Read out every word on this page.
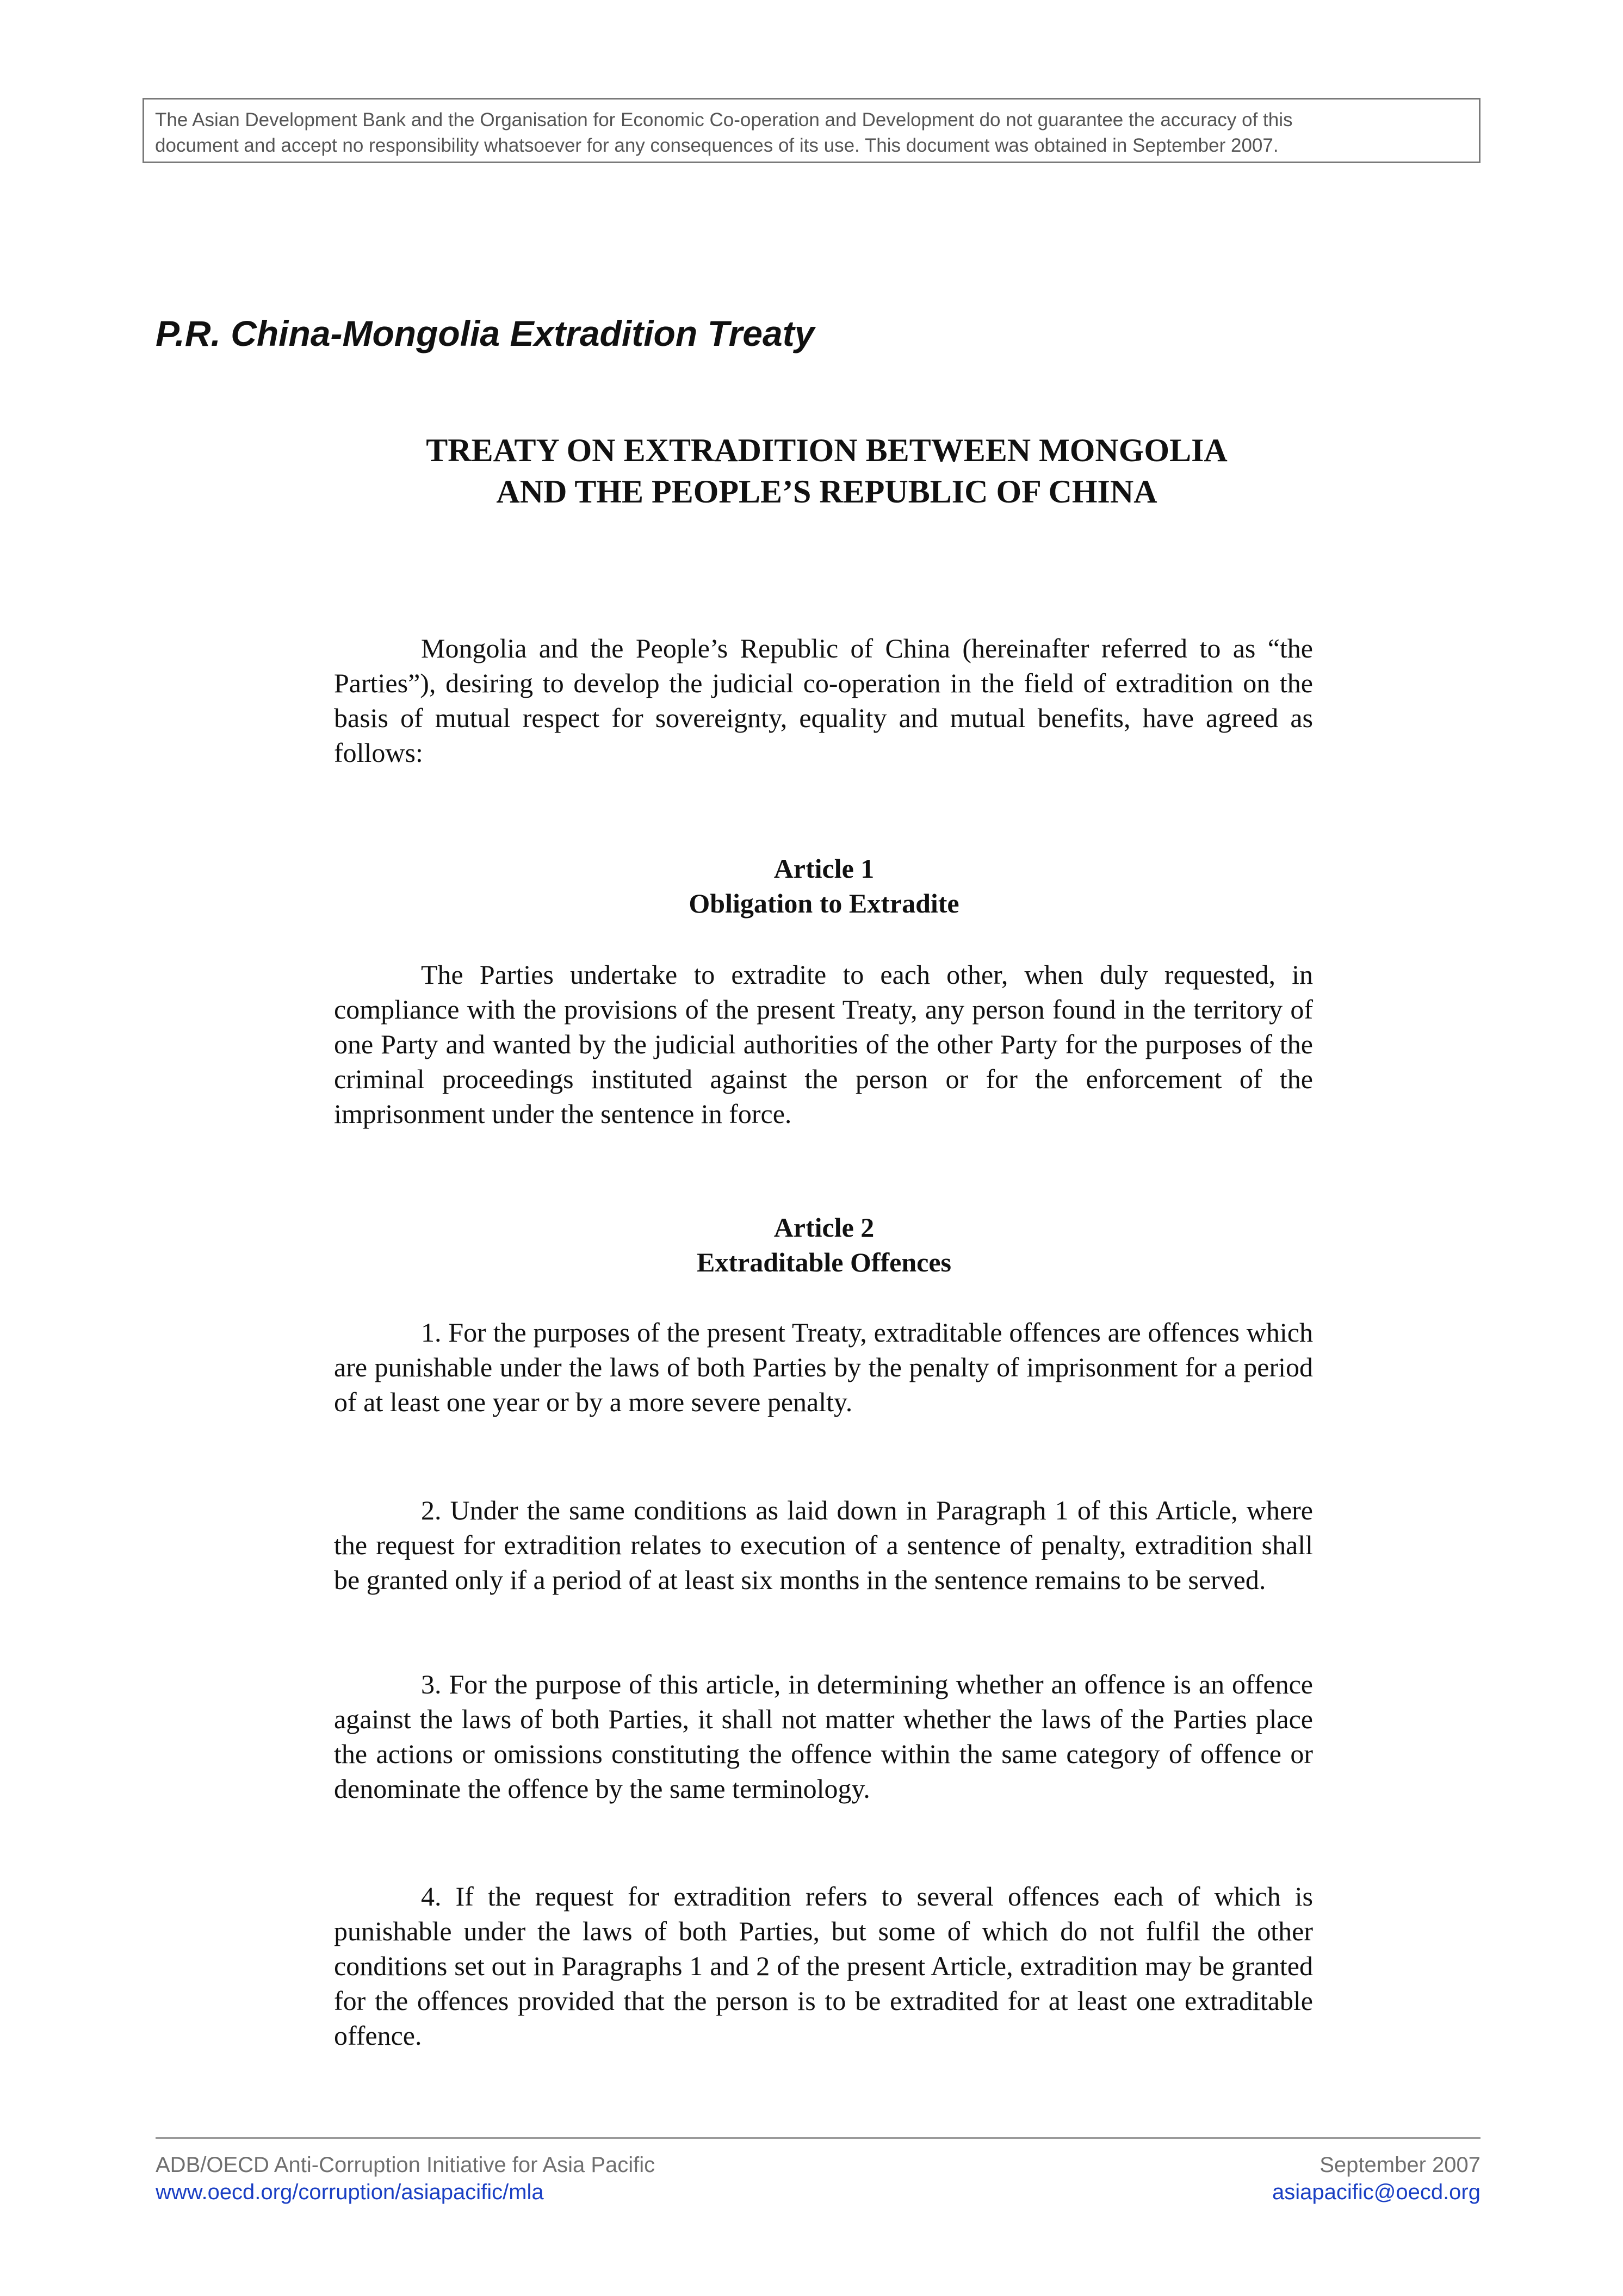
The Asian Development Bank and the Organisation for Economic Co-operation and Development do not guarantee the accuracy of this
document and accept no responsibility whatsoever for any consequences of its use. This document was obtained in September 2007.
P.R. China-Mongolia Extradition Treaty
TREATY ON EXTRADITION BETWEEN MONGOLIA
AND THE PEOPLE’S REPUBLIC OF CHINA

Mongolia and the People’s Republic of China (hereinafter referred to as “the Parties”), desiring to develop the judicial co-operation in the field of extradition on the basis of mutual respect for sovereignty, equality and mutual benefits, have agreed as follows:

Article 1
Obligation to Extradite

The Parties undertake to extradite to each other, when duly requested, in compliance with the provisions of the present Treaty, any person found in the territory of one Party and wanted by the judicial authorities of the other Party for the purposes of the criminal proceedings instituted against the person or for the enforcement of the imprisonment under the sentence in force.

Article 2
Extraditable Offences

1. For the purposes of the present Treaty, extraditable offences are offences which are punishable under the laws of both Parties by the penalty of imprisonment for a period of at least one year or by a more severe penalty.

2. Under the same conditions as laid down in Paragraph 1 of this Article, where the request for extradition relates to execution of a sentence of penalty, extradition shall be granted only if a period of at least six months in the sentence remains to be served.

3. For the purpose of this article, in determining whether an offence is an offence against the laws of both Parties, it shall not matter whether the laws of the Parties place the actions or omissions constituting the offence within the same category of offence or denominate the offence by the same terminology.

4. If the request for extradition refers to several offences each of which is punishable under the laws of both Parties, but some of which do not fulfil the other conditions set out in Paragraphs 1 and 2 of the present Article, extradition may be granted for the offences provided that the person is to be extradited for at least one extraditable offence.

ADB/OECD Anti-Corruption Initiative for Asia Pacific
www.oecd.org/corruption/asiapacific/mla
September 2007
asiapacific@oecd.org
